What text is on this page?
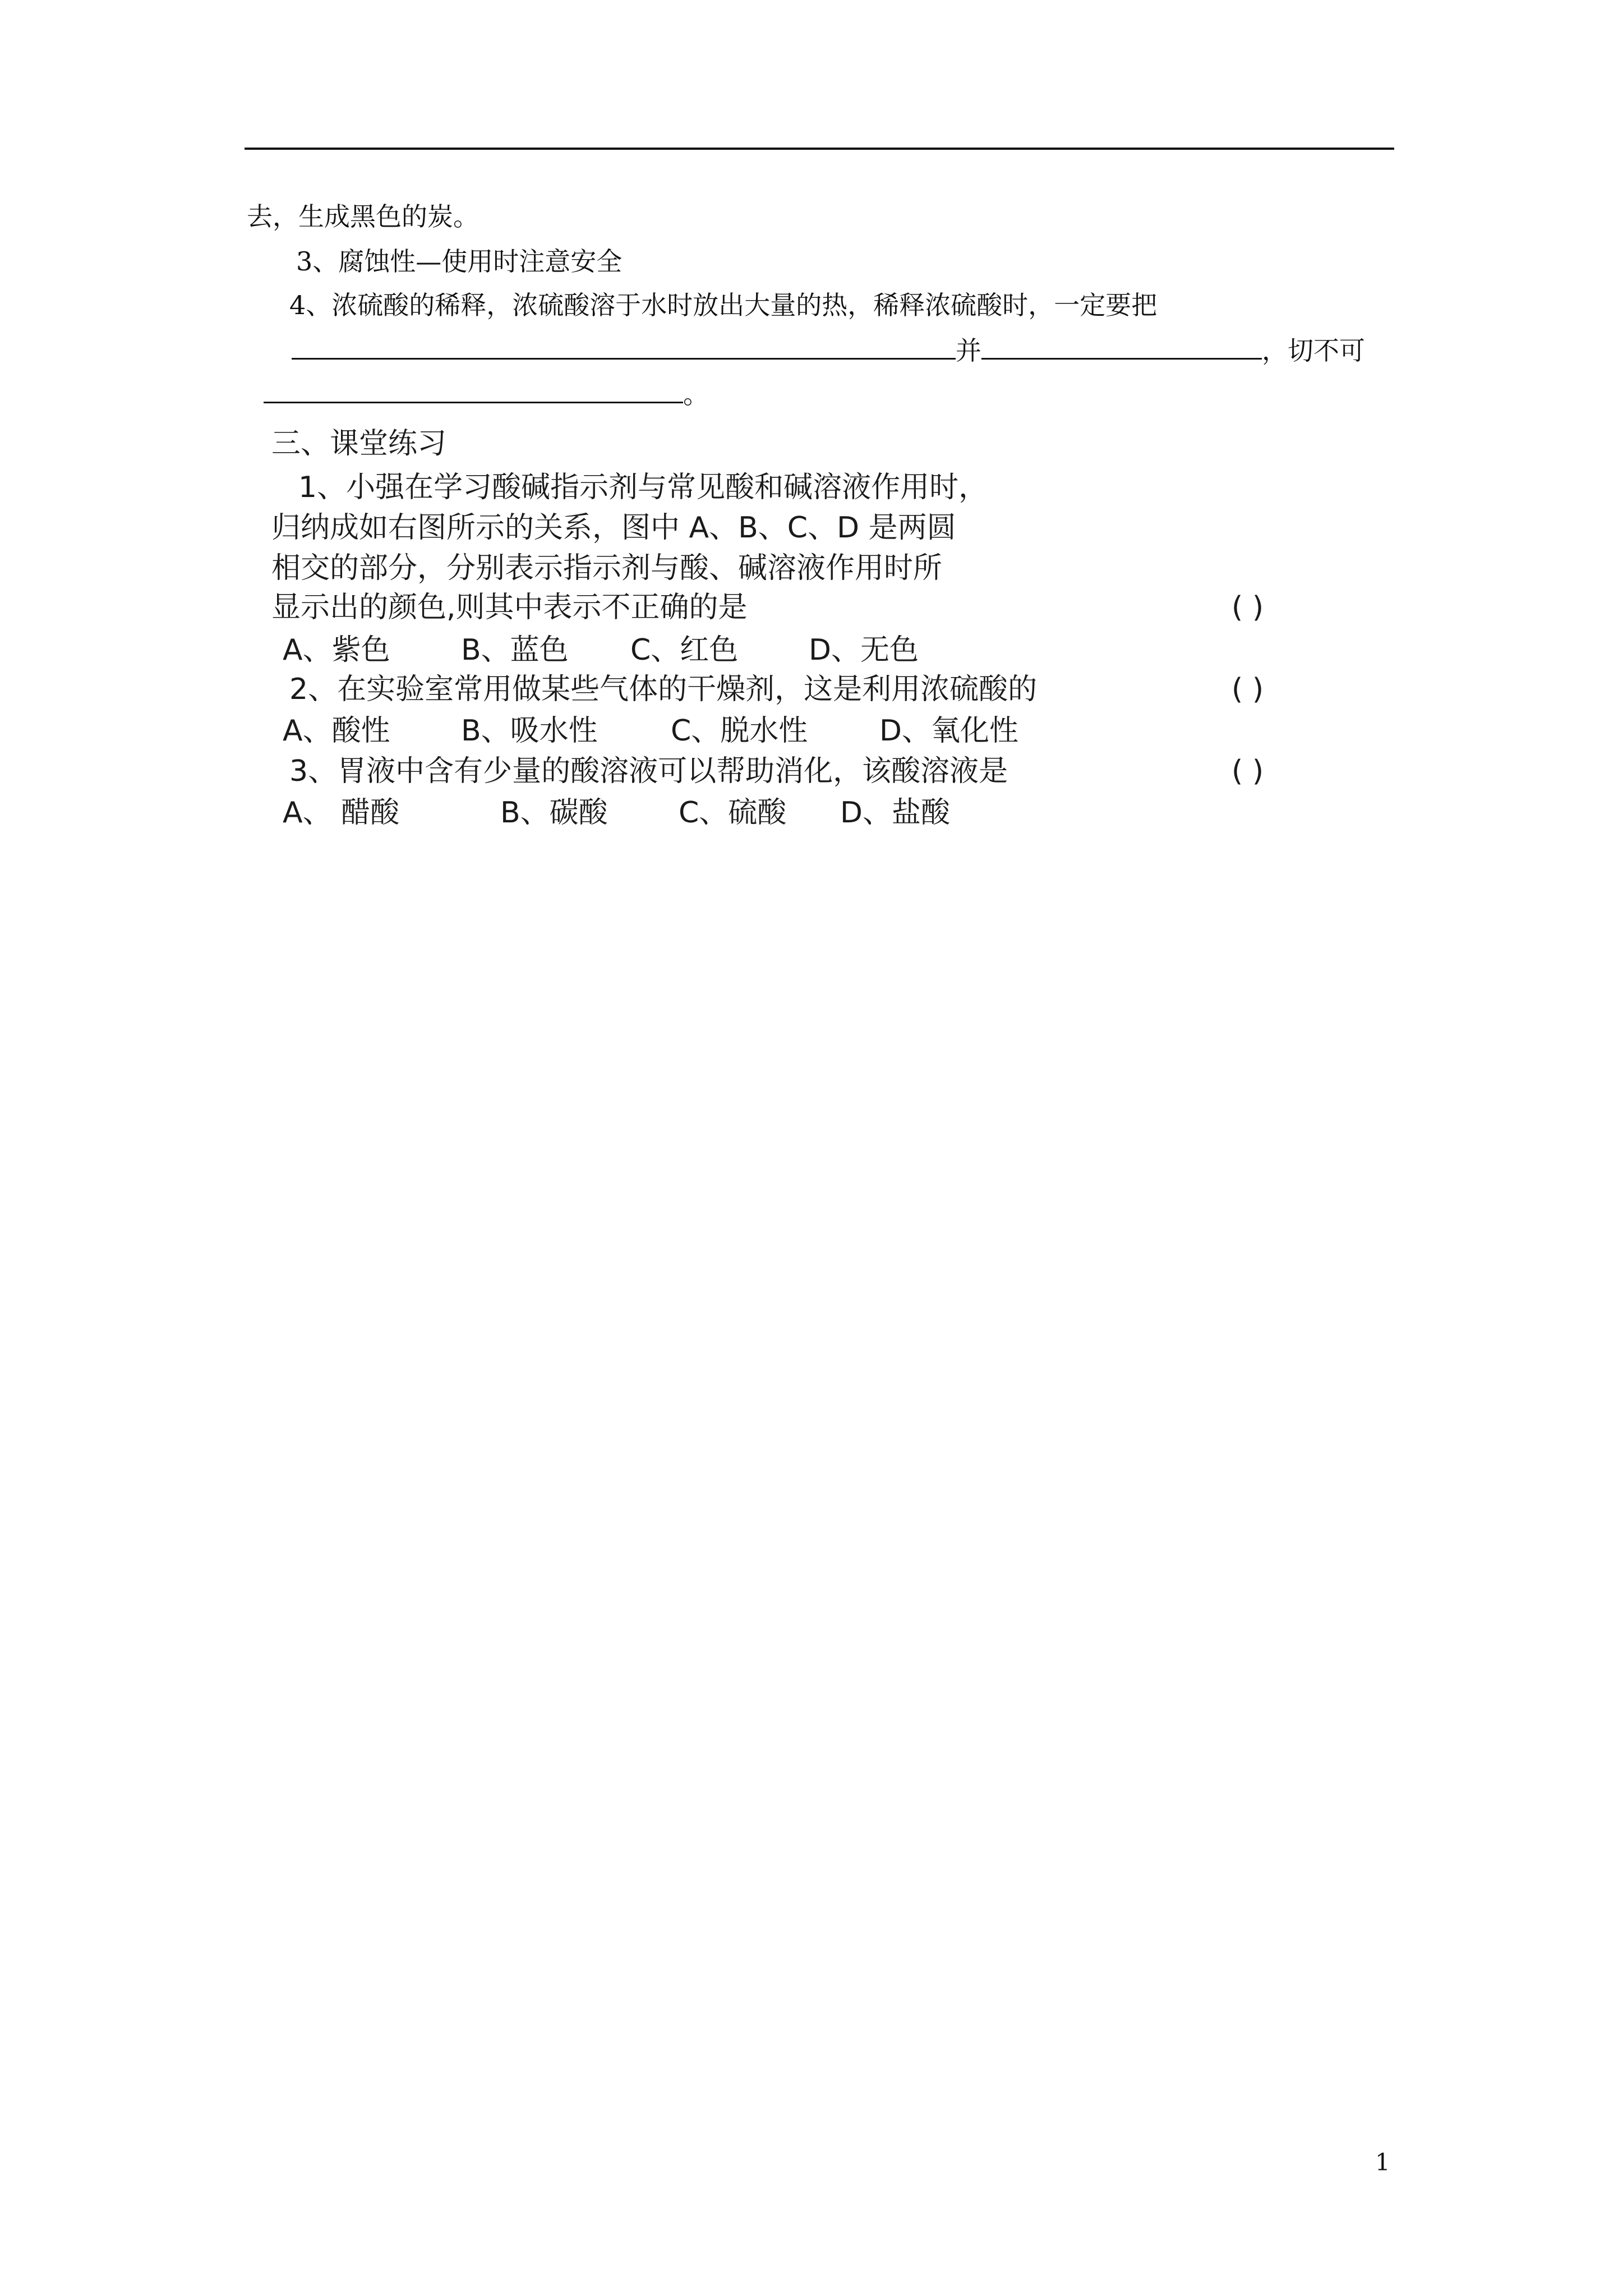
去，生成黑色的炭。
3、腐蚀性—使用时注意安全
4、浓硫酸的稀释，浓硫酸溶于水时放出大量的热，稀释浓硫酸时，一定要把
并	，切不可
。
三、课堂练习
1、小强在学习酸碱指示剂与常见酸和碱溶液作用时，
归纳成如右图所示的关系，图中 A、B、C、D 是两圆
相交的部分，分别表示指示剂与酸、碱溶液作用时所
显示出的颜色,则其中表示不正确的是	( )
A、紫色 B、蓝色 C、红色 D、无色
2、在实验室常用做某些气体的干燥剂，这是利用浓硫酸的	( )
A、酸性 B、吸水性	C、脱水性 D、氧化性
3、胃液中含有少量的酸溶液可以帮助消化，该酸溶液是	( )
A、 醋酸	B、碳酸 C、硫酸 D、盐酸
1
